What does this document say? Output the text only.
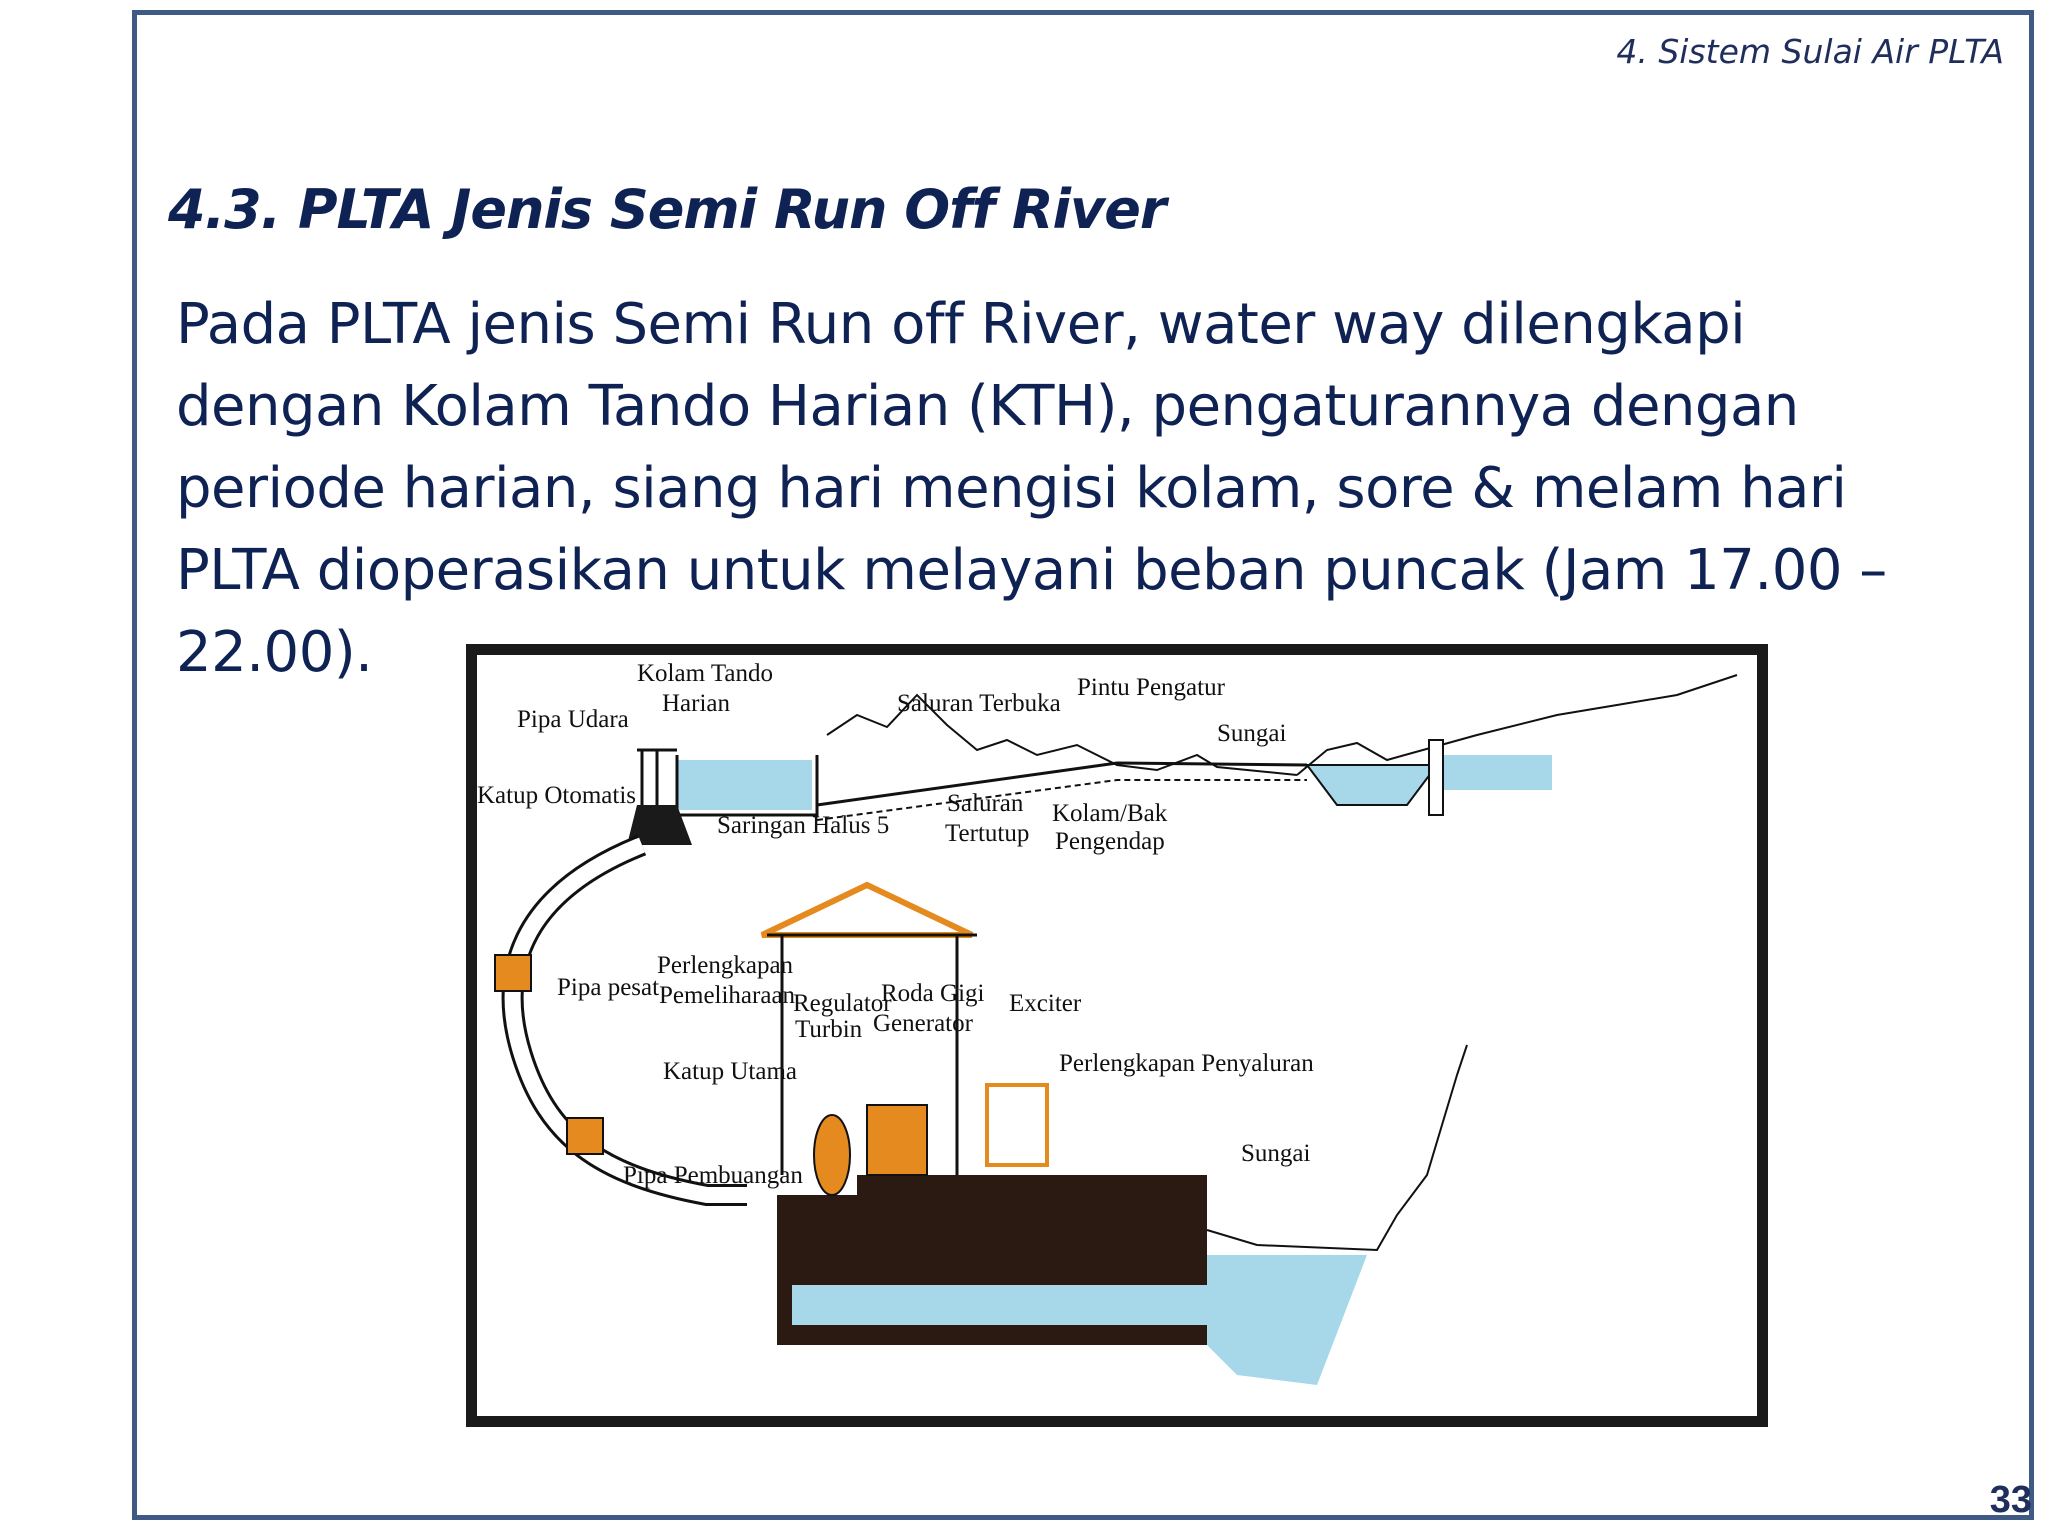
4. Sistem Sulai Air PLTA
4.3. PLTA Jenis Semi Run Off River
Pada PLTA jenis Semi Run off River, water way dilengkapi
dengan Kolam Tando Harian (KTH), pengaturannya dengan
periode harian, siang hari mengisi kolam, sore & melam hari
PLTA dioperasikan untuk melayani beban puncak (Jam 17.00 –
22.00).	Kolam Tando
Harian
Pipa Udara
Saluran Terbuka
Pintu Pengatur
Sungai
Katup Otomatis
Saringan Halus 5
Saluran
Tertutup
Kolam/Bak
Pengendap
Perlengkapan
Pemeliharaan
Pipa pesat
Regulator
Turbin
Roda Gigi
Generator
Exciter
Perlengkapan Penyaluran
Katup Utama
Sungai
Pipa Pembuangan
33
